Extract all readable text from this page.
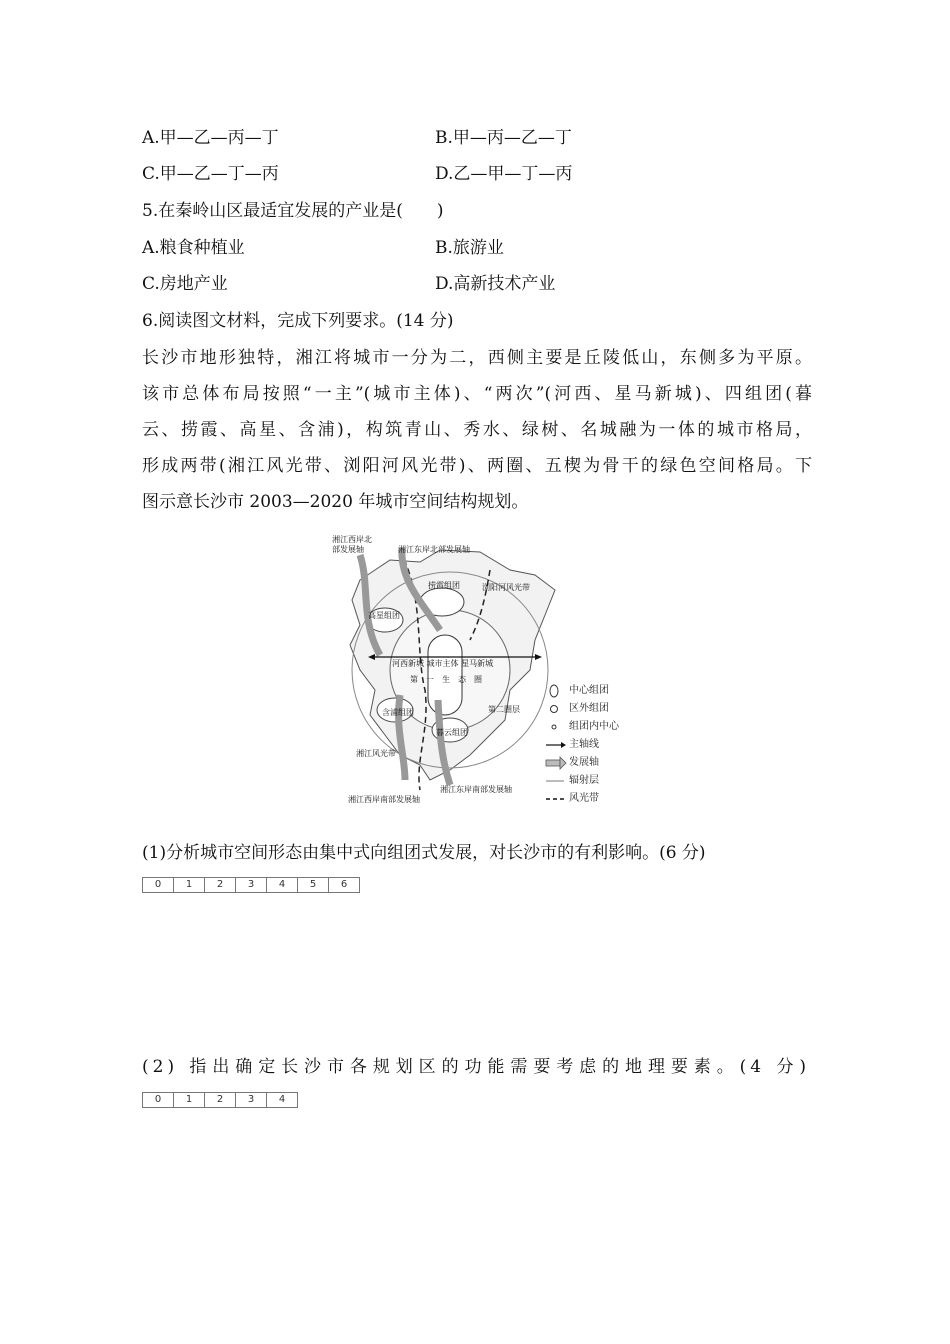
A.甲—乙—丙—丁	B.甲—丙—乙—丁
C.甲—乙—丁—丙	D.乙—甲—丁—丙
5.在秦岭山区最适宜发展的产业是(　　)
A.粮食种植业	B.旅游业
C.房地产业	D.高新技术产业
6.阅读图文材料，完成下列要求。(14 分)
长沙市地形独特，湘江将城市一分为二，西侧主要是丘陵低山，东侧多为平原。
该市总体布局按照“一主”(城市主体)、“两次”(河西、星马新城)、四组团(暮
云、捞霞、高星、含浦)，构筑青山、秀水、绿树、名城融为一体的城市格局，
形成两带(湘江风光带、浏阳河风光带)、两圈、五楔为骨干的绿色空间格局。下
图示意长沙市 2003—2020 年城市空间结构规划。
湘江西岸北
部发展轴	湘江东岸北部发展轴
捞霞组团	浏阳河风光带
高星组团
河西新城 城市主体 星马新城
第　一　生　态　圈
第二圈层
含浦组团
暮云组团
湘江风光带
湘江西岸南部发展轴
湘江东岸南部发展轴
中心组团
区外组团
组团内中心
主轴线
发展轴
辐射层
风光带
(1)分析城市空间形态由集中式向组团式发展，对长沙市的有利影响。(6 分)
0	1	2	3	4	5	6
(2) 指出确定长沙市各规划区的功能需要考虑的地理要素。(4 分)
0	1	2	3	4
